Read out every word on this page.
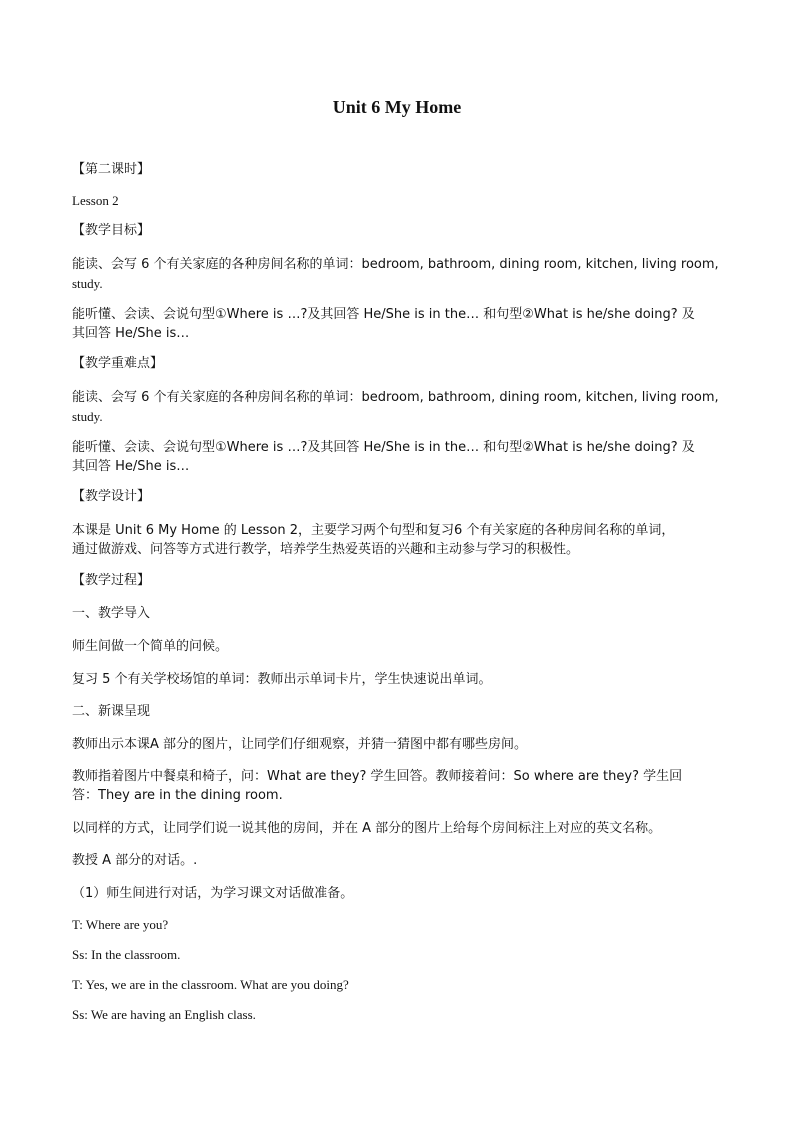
Unit 6 My Home
【第二课时】
Lesson 2
【教学目标】
能读、会写 6 个有关家庭的各种房间名称的单词：bedroom, bathroom, dining room, kitchen, living room,
study.
能听懂、会读、会说句型①Where is …?及其回答 He/She is in the… 和句型②What is he/she doing? 及
其回答 He/She is…
【教学重难点】
能读、会写 6 个有关家庭的各种房间名称的单词：bedroom, bathroom, dining room, kitchen, living room,
study.
能听懂、会读、会说句型①Where is …?及其回答 He/She is in the… 和句型②What is he/she doing? 及
其回答 He/She is…
【教学设计】
本课是 Unit 6 My Home 的 Lesson 2，主要学习两个句型和复习6 个有关家庭的各种房间名称的单词，
通过做游戏、问答等方式进行教学，培养学生热爱英语的兴趣和主动参与学习的积极性。
【教学过程】
一、教学导入
师生间做一个简单的问候。
复习 5 个有关学校场馆的单词：教师出示单词卡片，学生快速说出单词。
二、新课呈现
教师出示本课A 部分的图片，让同学们仔细观察，并猜一猜图中都有哪些房间。
教师指着图片中餐桌和椅子，问：What are they? 学生回答。教师接着问：So where are they? 学生回
答：They are in the dining room.
以同样的方式，让同学们说一说其他的房间，并在 A 部分的图片上给每个房间标注上对应的英文名称。
教授 A 部分的对话。.
（1）师生间进行对话，为学习课文对话做准备。
T: Where are you?
Ss: In the classroom.
T: Yes, we are in the classroom. What are you doing?
Ss: We are having an English class.
